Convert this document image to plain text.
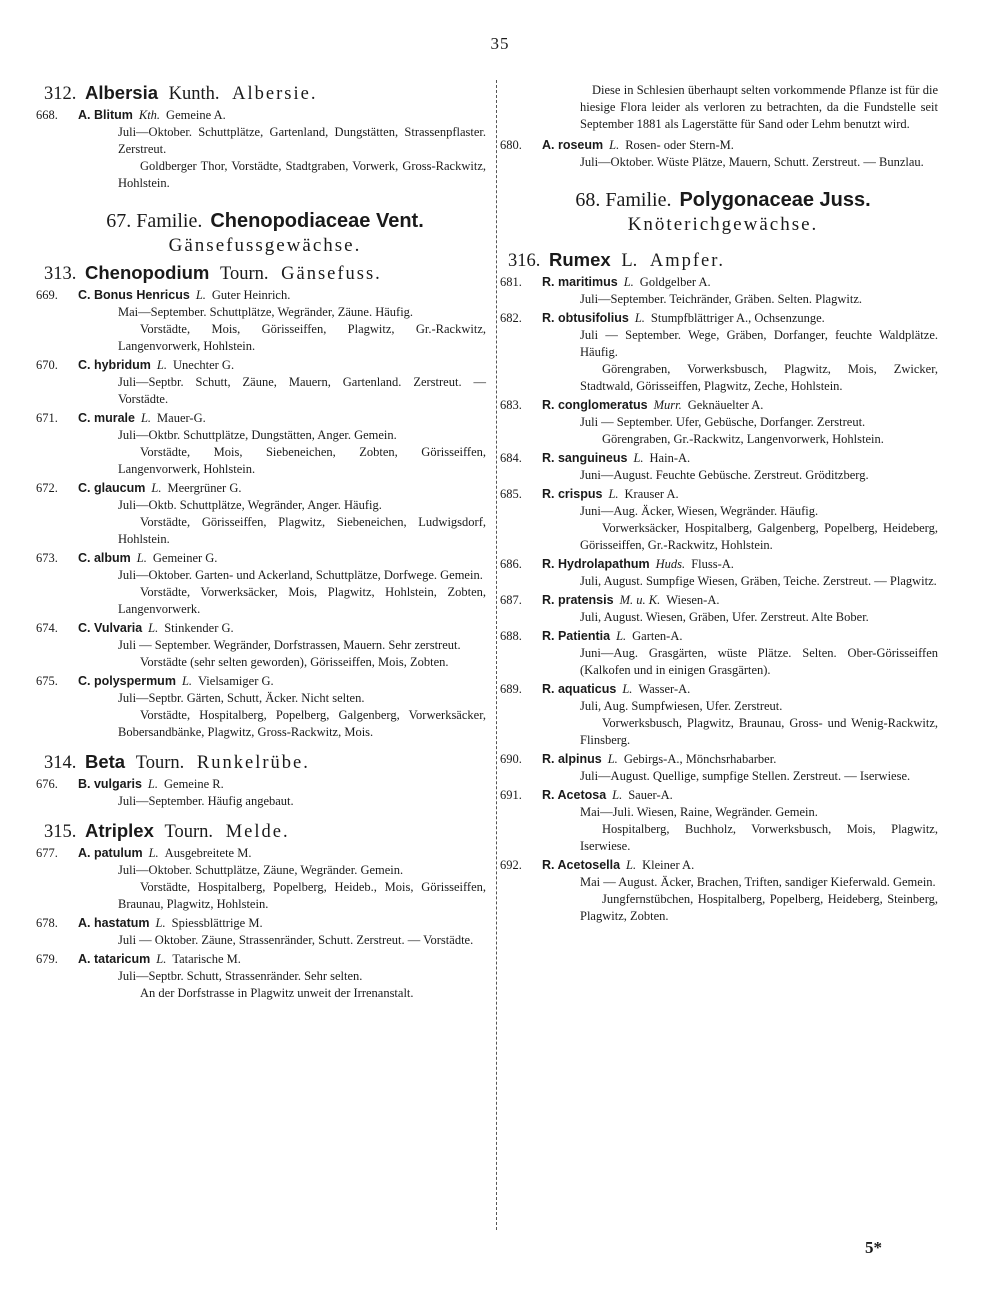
35
312. Albersia Kunth. Albersie.
668. A. Blitum Kth. Gemeine A.
Juli—Oktober. Schuttplätze, Gartenland, Dungstätten, Strassenpflaster. Zerstreut.
Goldberger Thor, Vorstädte, Stadtgraben, Vorwerk, Gross-Rackwitz, Hohlstein.
67. Familie. Chenopodiaceae Vent.
Gänsefussgewächse.
313. Chenopodium Tourn. Gänsefuss.
669. C. Bonus Henricus L. Guter Heinrich.
Mai—September. Schuttplätze, Wegränder, Zäune. Häufig.
Vorstädte, Mois, Görisseiffen, Plagwitz, Gr.-Rackwitz, Langenvorwerk, Hohlstein.
670. C. hybridum L. Unechter G.
Juli—Septbr. Schutt, Zäune, Mauern, Gartenland. Zerstreut. — Vorstädte.
671. C. murale L. Mauer-G.
Juli—Oktbr. Schuttplätze, Dungstätten, Anger. Gemein.
Vorstädte, Mois, Siebeneichen, Zobten, Görisseiffen, Langenvorwerk, Hohlstein.
672. C. glaucum L. Meergrüner G.
Juli—Oktb. Schuttplätze, Wegränder, Anger. Häufig.
Vorstädte, Görisseiffen, Plagwitz, Siebeneichen, Ludwigsdorf, Hohlstein.
673. C. album L. Gemeiner G.
Juli—Oktober. Garten- und Ackerland, Schuttplätze, Dorfwege. Gemein.
Vorstädte, Vorwerksäcker, Mois, Plagwitz, Hohlstein, Zobten, Langenvorwerk.
674. C. Vulvaria L. Stinkender G.
Juli — September. Wegränder, Dorfstrassen, Mauern. Sehr zerstreut.
Vorstädte (sehr selten geworden), Görisseiffen, Mois, Zobten.
675. C. polyspermum L. Vielsamiger G.
Juli—Septbr. Gärten, Schutt, Äcker. Nicht selten.
Vorstädte, Hospitalberg, Popelberg, Galgenberg, Vorwerksäcker, Bobersandbänke, Plagwitz, Gross-Rackwitz, Mois.
314. Beta Tourn. Runkelrübe.
676. B. vulgaris L. Gemeine R.
Juli—September. Häufig angebaut.
315. Atriplex Tourn. Melde.
677. A. patulum L. Ausgebreitete M.
Juli—Oktober. Schuttplätze, Zäune, Wegränder. Gemein.
Vorstädte, Hospitalberg, Popelberg, Heideb., Mois, Görisseiffen, Braunau, Plagwitz, Hohlstein.
678. A. hastatum L. Spiessblättrige M.
Juli — Oktober. Zäune, Strassenränder, Schutt. Zerstreut. — Vorstädte.
679. A. tataricum L. Tatarische M.
Juli—Septbr. Schutt, Strassenränder. Sehr selten.
An der Dorfstrasse in Plagwitz unweit der Irrenanstalt.
Diese in Schlesien überhaupt selten vorkommende Pflanze ist für die hiesige Flora leider als verloren zu betrachten, da die Fundstelle seit September 1881 als Lagerstätte für Sand oder Lehm benutzt wird.
680. A. roseum L. Rosen- oder Stern-M.
Juli—Oktober. Wüste Plätze, Mauern, Schutt. Zerstreut. — Bunzlau.
68. Familie. Polygonaceae Juss.
Knöterichgewächse.
316. Rumex L. Ampfer.
681. R. maritimus L. Goldgelber A.
Juli—September. Teichränder, Gräben. Selten. Plagwitz.
682. R. obtusifolius L. Stumpfblättriger A., Ochsenzunge.
Juli — September. Wege, Gräben, Dorfanger, feuchte Waldplätze. Häufig.
Görengraben, Vorwerksbusch, Plagwitz, Mois, Zwicker, Stadtwald, Görisseiffen, Plagwitz, Zeche, Hohlstein.
683. R. conglomeratus Murr. Geknäuelter A.
Juli — September. Ufer, Gebüsche, Dorfanger. Zerstreut.
Görengraben, Gr.-Rackwitz, Langenvorwerk, Hohlstein.
684. R. sanguineus L. Hain-A.
Juni—August. Feuchte Gebüsche. Zerstreut. Gröditzberg.
685. R. crispus L. Krauser A.
Juni—Aug. Äcker, Wiesen, Wegränder. Häufig.
Vorwerksäcker, Hospitalberg, Galgenberg, Popelberg, Heideberg, Görisseiffen, Gr.-Rackwitz, Hohlstein.
686. R. Hydrolapathum Huds. Fluss-A.
Juli, August. Sumpfige Wiesen, Gräben, Teiche. Zerstreut. — Plagwitz.
687. R. pratensis M. u. K. Wiesen-A.
Juli, August. Wiesen, Gräben, Ufer. Zerstreut. Alte Bober.
688. R. Patientia L. Garten-A.
Juni—Aug. Grasgärten, wüste Plätze. Selten. Ober-Görisseiffen (Kalkofen und in einigen Grasgärten).
689. R. aquaticus L. Wasser-A.
Juli, Aug. Sumpfwiesen, Ufer. Zerstreut.
Vorwerksbusch, Plagwitz, Braunau, Gross- und Wenig-Rackwitz, Flinsberg.
690. R. alpinus L. Gebirgs-A., Mönchsrhabarber.
Juli—August. Quellige, sumpfige Stellen. Zerstreut. — Iserwiese.
691. R. Acetosa L. Sauer-A.
Mai—Juli. Wiesen, Raine, Wegränder. Gemein.
Hospitalberg, Buchholz, Vorwerksbusch, Mois, Plagwitz, Iserwiese.
692. R. Acetosella L. Kleiner A.
Mai — August. Äcker, Brachen, Triften, sandiger Kieferwald. Gemein.
Jungfernstübchen, Hospitalberg, Popelberg, Heideberg, Steinberg, Plagwitz, Zobten.
5*
